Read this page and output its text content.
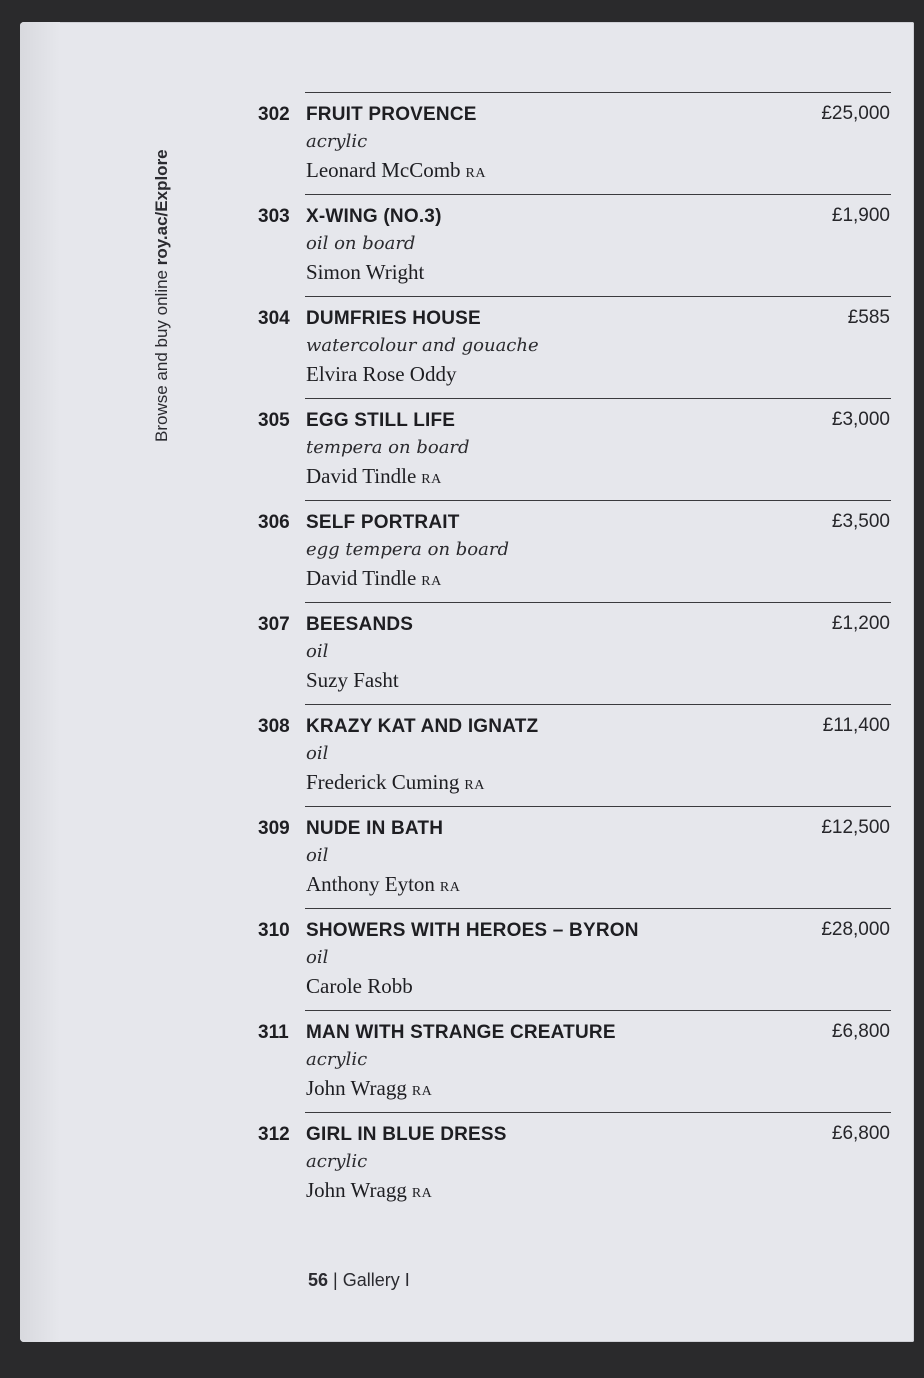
Browse and buy online roy.ac/Explore
302 FRUIT PROVENCE	£25,000
acrylic
Leonard McComb RA
303 X-WING (NO.3)	£1,900
oil on board
Simon Wright
304 DUMFRIES HOUSE	£585
watercolour and gouache
Elvira Rose Oddy
305 EGG STILL LIFE	£3,000
tempera on board
David Tindle RA
306 SELF PORTRAIT	£3,500
egg tempera on board
David Tindle RA
307 BEESANDS	£1,200
oil
Suzy Fasht
308 KRAZY KAT AND IGNATZ	£11,400
oil
Frederick Cuming RA
309 NUDE IN BATH	£12,500
oil
Anthony Eyton RA
310 SHOWERS WITH HEROES – BYRON	£28,000
oil
Carole Robb
311 MAN WITH STRANGE CREATURE	£6,800
acrylic
John Wragg RA
312 GIRL IN BLUE DRESS	£6,800
acrylic
John Wragg RA
56 | Gallery I
